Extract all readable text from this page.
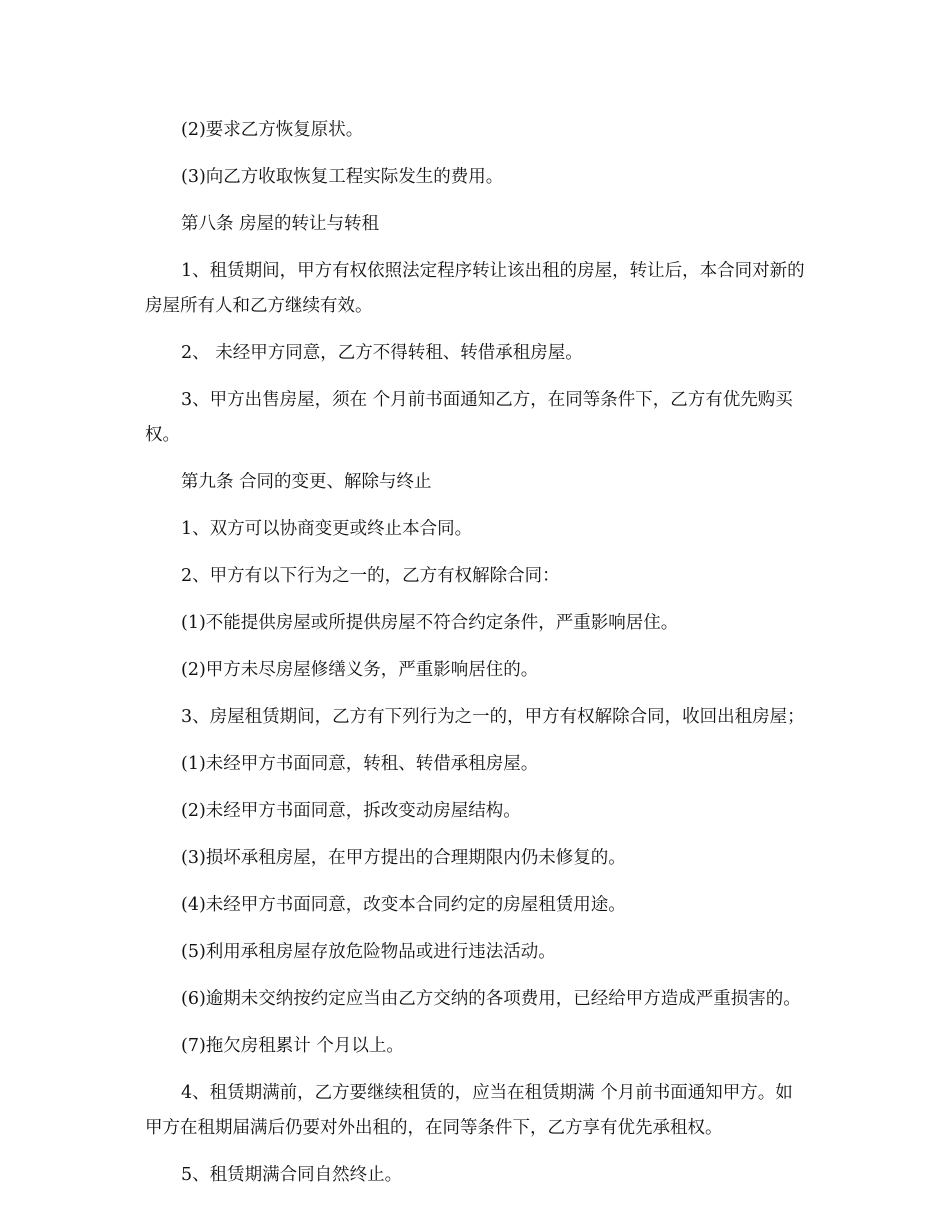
(2)要求乙方恢复原状。

(3)向乙方收取恢复工程实际发生的费用。

第八条 房屋的转让与转租

1、租赁期间，甲方有权依照法定程序转让该出租的房屋，转让后，本合同对新的房屋所有人和乙方继续有效。

2、 未经甲方同意，乙方不得转租、转借承租房屋。

3、甲方出售房屋，须在 个月前书面通知乙方，在同等条件下，乙方有优先购买权。

第九条 合同的变更、解除与终止

1、双方可以协商变更或终止本合同。

2、甲方有以下行为之一的，乙方有权解除合同：

(1)不能提供房屋或所提供房屋不符合约定条件，严重影响居住。

(2)甲方未尽房屋修缮义务，严重影响居住的。

3、房屋租赁期间，乙方有下列行为之一的，甲方有权解除合同，收回出租房屋；

(1)未经甲方书面同意，转租、转借承租房屋。

(2)未经甲方书面同意，拆改变动房屋结构。

(3)损坏承租房屋，在甲方提出的合理期限内仍未修复的。

(4)未经甲方书面同意，改变本合同约定的房屋租赁用途。

(5)利用承租房屋存放危险物品或进行违法活动。

(6)逾期未交纳按约定应当由乙方交纳的各项费用，已经给甲方造成严重损害的。

(7)拖欠房租累计 个月以上。

4、租赁期满前，乙方要继续租赁的，应当在租赁期满 个月前书面通知甲方。如甲方在租期届满后仍要对外出租的，在同等条件下，乙方享有优先承租权。

5、租赁期满合同自然终止。
